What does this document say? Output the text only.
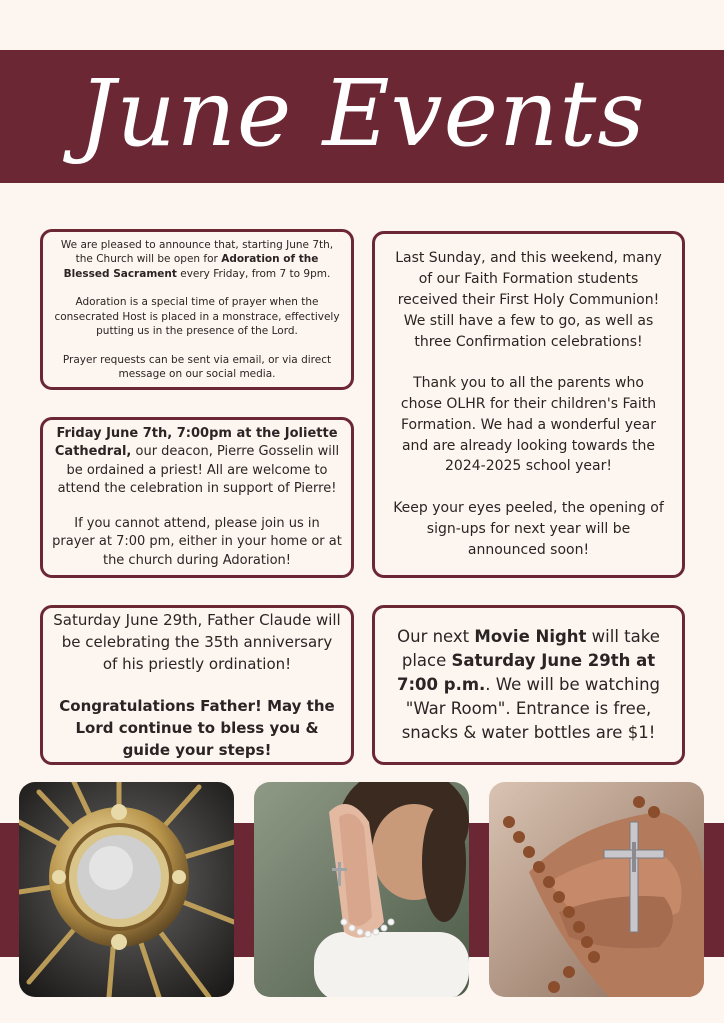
June Events

We are pleased to announce that, starting June 7th, the Church will be open for Adoration of the Blessed Sacrament every Friday, from 7 to 9pm.

Adoration is a special time of prayer when the consecrated Host is placed in a monstrace, effectively putting us in the presence of the Lord.

Prayer requests can be sent via email, or via direct message on our social media.

Friday June 7th, 7:00pm at the Joliette Cathedral, our deacon, Pierre Gosselin will be ordained a priest! All are welcome to attend the celebration in support of Pierre!

If you cannot attend, please join us in prayer at 7:00 pm, either in your home or at the church during Adoration!

Last Sunday, and this weekend, many of our Faith Formation students received their First Holy Communion! We still have a few to go, as well as three Confirmation celebrations!

Thank you to all the parents who chose OLHR for their children's Faith Formation. We had a wonderful year and are already looking towards the 2024-2025 school year!

Keep your eyes peeled, the opening of sign-ups for next year will be announced soon!

Saturday June 29th, Father Claude will be celebrating the 35th anniversary of his priestly ordination!

Congratulations Father! May the Lord continue to bless you & guide your steps!

Our next Movie Night will take place Saturday June 29th at 7:00 p.m.. We will be watching "War Room". Entrance is free, snacks & water bottles are $1!
